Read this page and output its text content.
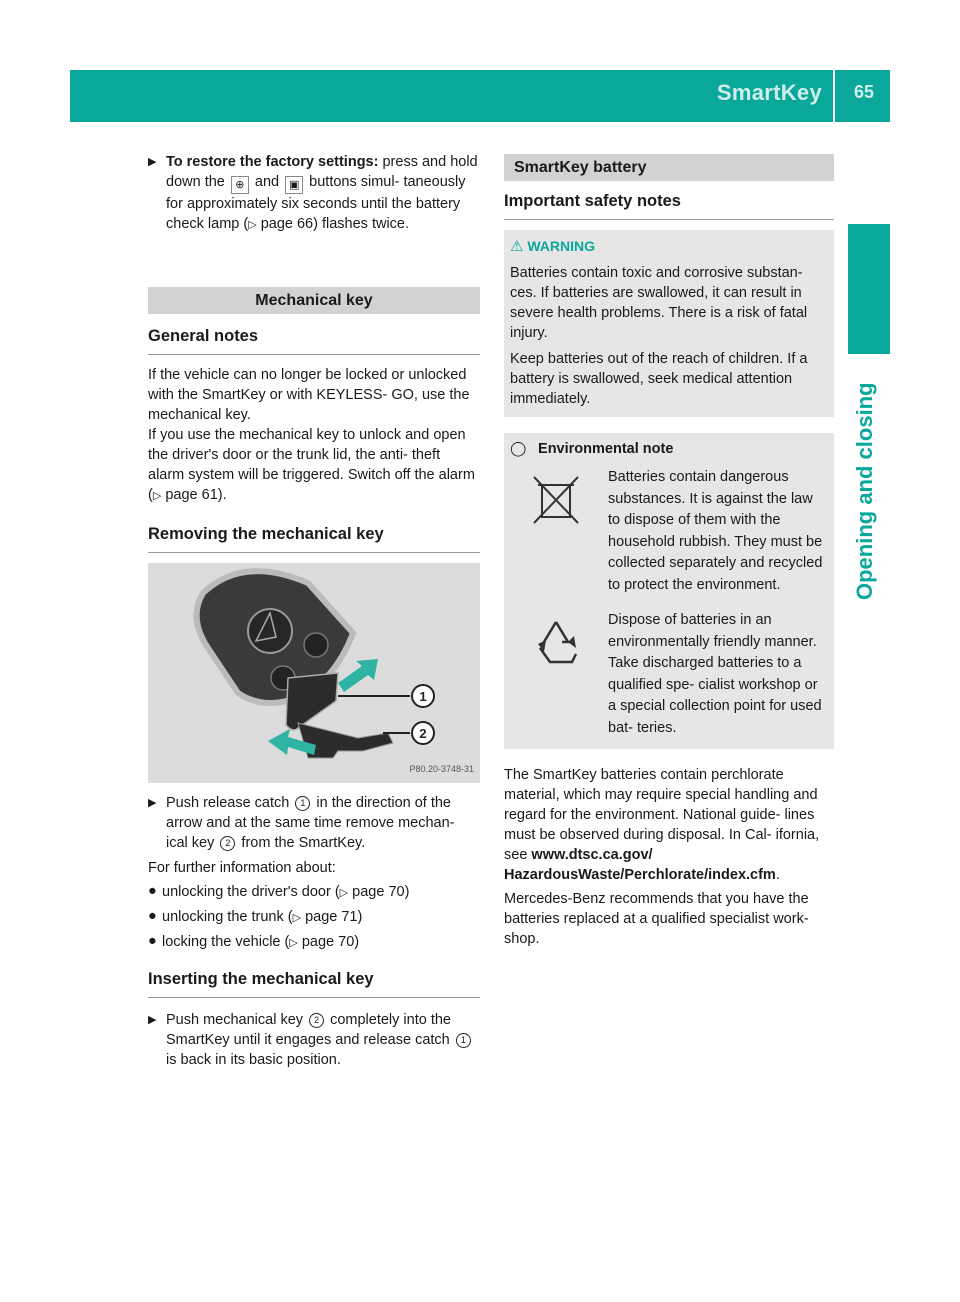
SmartKey 65
Opening and closing

▶ To restore the factory settings: press and hold down the ⊕ and ▣ buttons simul- taneously for approximately six seconds until the battery check lamp (▷ page 66) flashes twice.

Mechanical key

General notes

If the vehicle can no longer be locked or unlocked with the SmartKey or with KEYLESS- GO, use the mechanical key.

If you use the mechanical key to unlock and open the driver's door or the trunk lid, the anti- theft alarm system will be triggered. Switch off the alarm (▷ page 61).

Removing the mechanical key

1
2
P80.20-3748-31

▶ Push release catch 1 in the direction of the arrow and at the same time remove mechan- ical key 2 from the SmartKey.

For further information about:

● unlocking the driver's door (▷ page 70)

● unlocking the trunk (▷ page 71)

● locking the vehicle (▷ page 70)

Inserting the mechanical key

▶ Push mechanical key 2 completely into the SmartKey until it engages and release catch 1 is back in its basic position.

SmartKey battery

Important safety notes

⚠ WARNING

Batteries contain toxic and corrosive substan- ces. If batteries are swallowed, it can result in severe health problems. There is a risk of fatal injury.

Keep batteries out of the reach of children. If a battery is swallowed, seek medical attention immediately.

◯ Environmental note

Batteries contain dangerous substances. It is against the law to dispose of them with the household rubbish. They must be collected separately and recycled to protect the environment.

Dispose of batteries in an environmentally friendly manner. Take discharged batteries to a qualified spe- cialist workshop or a special collection point for used bat- teries.

The SmartKey batteries contain perchlorate material, which may require special handling and regard for the environment. National guide- lines must be observed during disposal. In Cal- ifornia, see www.dtsc.ca.gov/ HazardousWaste/Perchlorate/index.cfm.

Mercedes-Benz recommends that you have the batteries replaced at a qualified specialist work- shop.
